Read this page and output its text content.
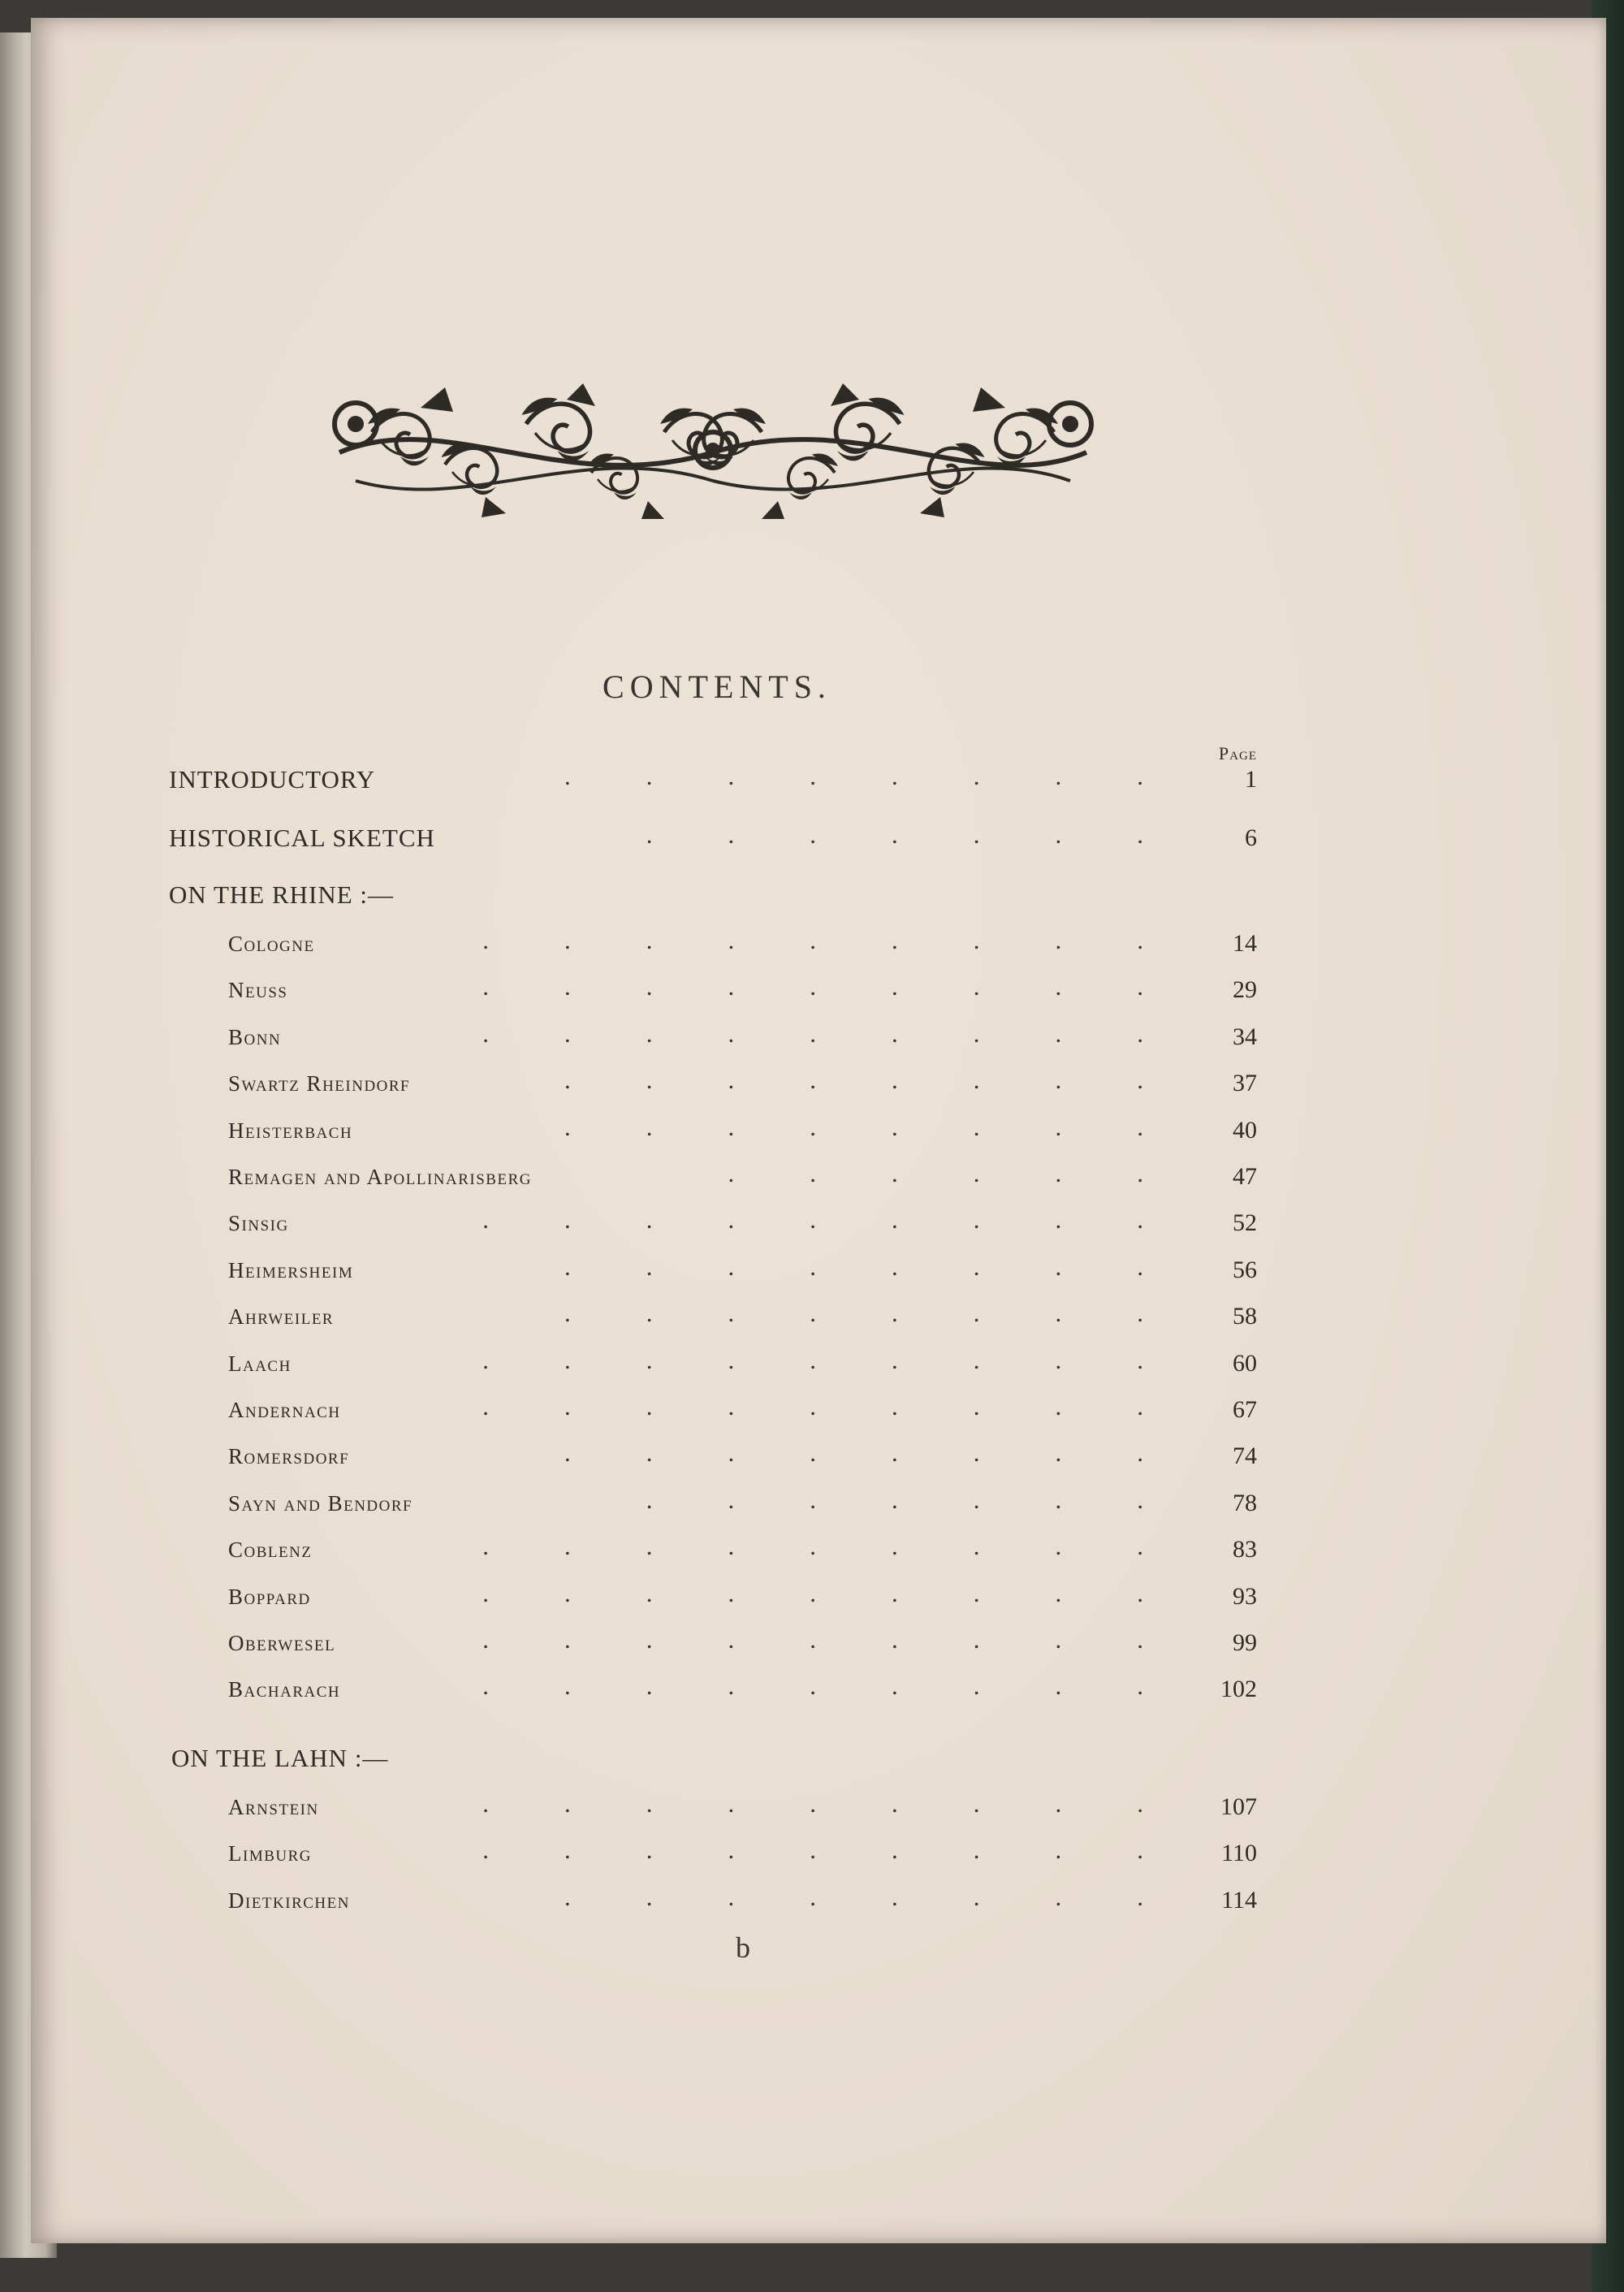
CONTENTS.
Page
INTRODUCTORY	.            .            .            .            .            .            .            .	1
HISTORICAL SKETCH	.            .            .            .            .            .            .	6
ON THE RHINE :—
Cologne	.            .            .            .            .            .            .            .            .	14
Neuss	.            .            .            .            .            .            .            .            .	29
Bonn	.            .            .            .            .            .            .            .            .	34
Swartz Rheindorf	.            .            .            .            .            .            .            .	37
Heisterbach	.            .            .            .            .            .            .            .	40
Remagen and Apollinarisberg	.            .            .            .            .            .	47
Sinsig	.            .            .            .            .            .            .            .            .	52
Heimersheim	.            .            .            .            .            .            .            .	56
Ahrweiler	.            .            .            .            .            .            .            .	58
Laach	.            .            .            .            .            .            .            .            .	60
Andernach	.            .            .            .            .            .            .            .            .	67
Romersdorf	.            .            .            .            .            .            .            .	74
Sayn and Bendorf	.            .            .            .            .            .            .	78
Coblenz	.            .            .            .            .            .            .            .            .	83
Boppard	.            .            .            .            .            .            .            .            .	93
Oberwesel	.            .            .            .            .            .            .            .            .	99
Bacharach	.            .            .            .            .            .            .            .            .	102
ON THE LAHN :—
Arnstein	.            .            .            .            .            .            .            .            .	107
Limburg	.            .            .            .            .            .            .            .            .	110
Dietkirchen	.            .            .            .            .            .            .            .	114
b
